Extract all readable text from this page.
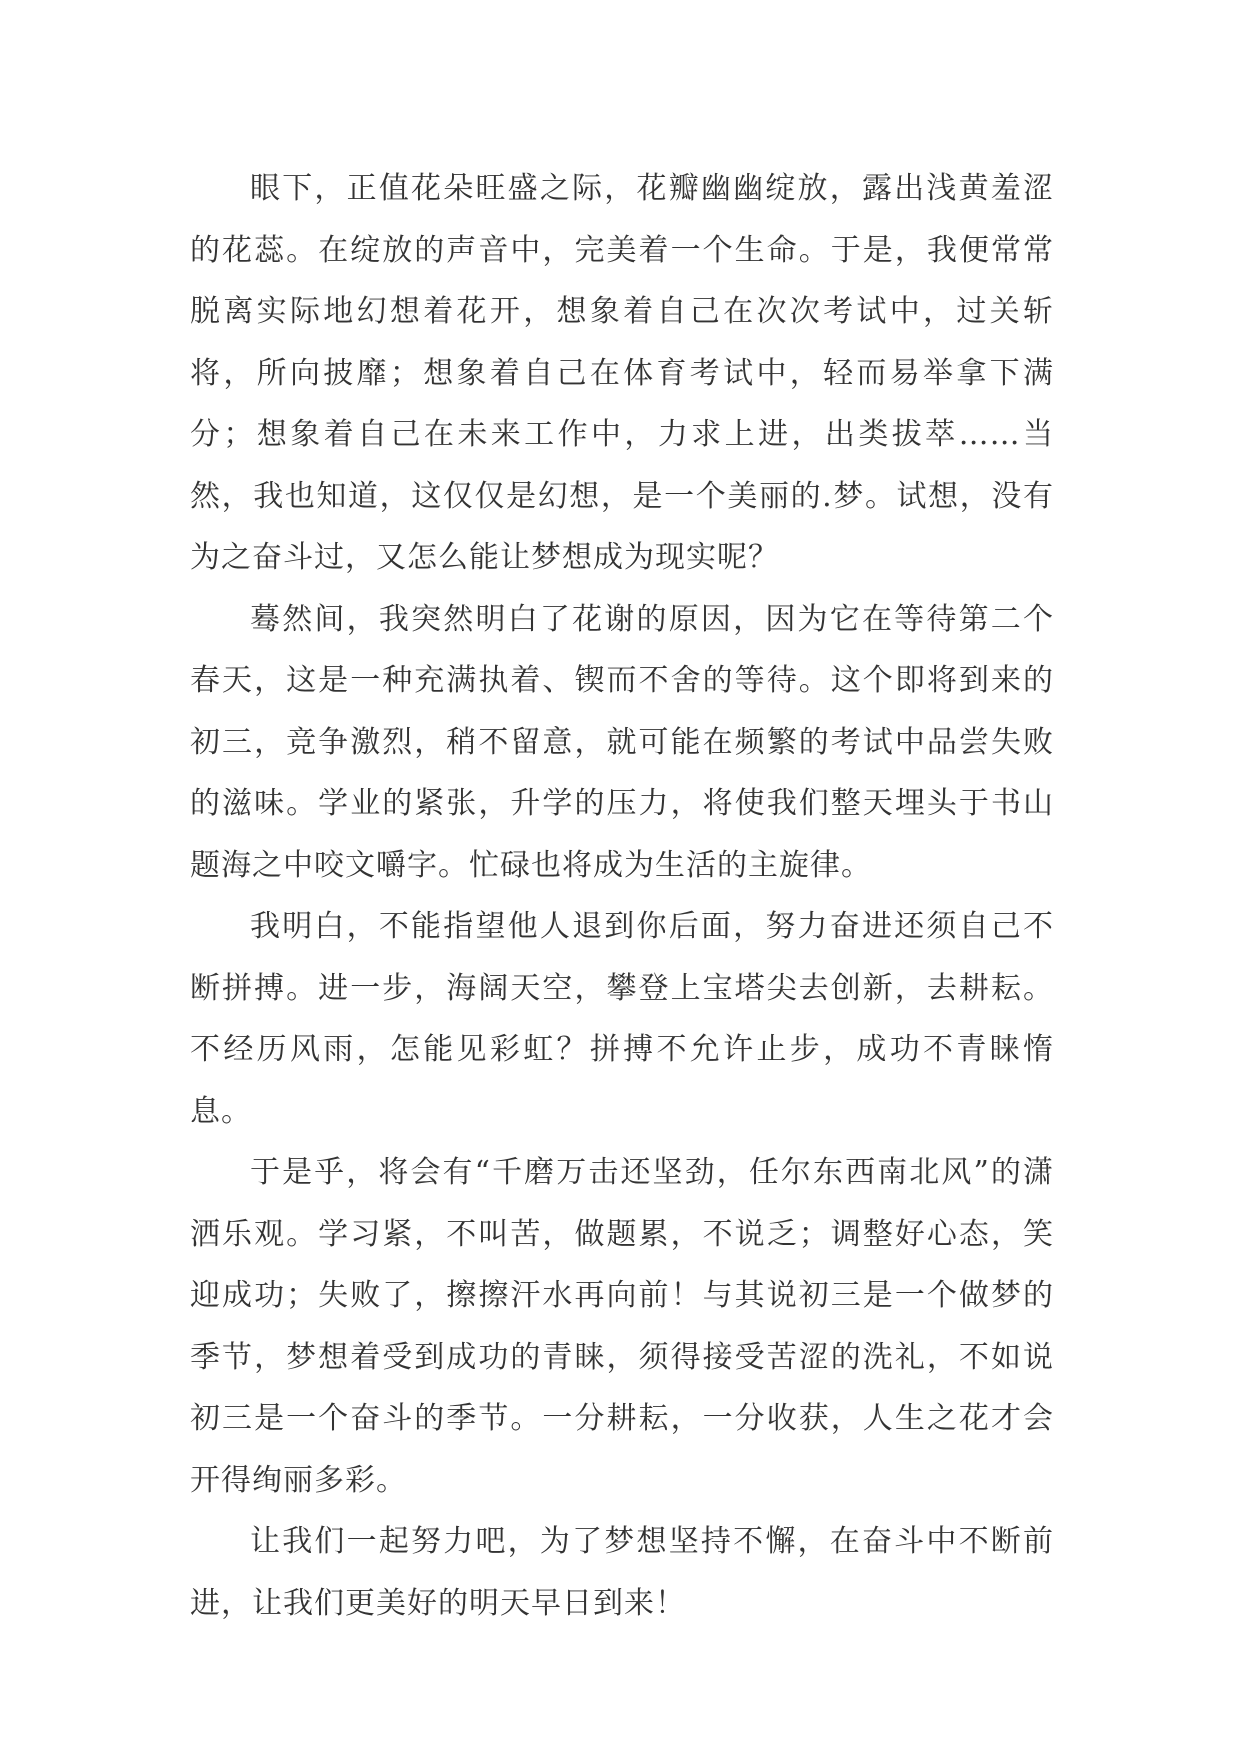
眼下，正值花朵旺盛之际，花瓣幽幽绽放，露出浅黄羞涩的花蕊。在绽放的声音中，完美着一个生命。于是，我便常常脱离实际地幻想着花开，想象着自己在次次考试中，过关斩将，所向披靡；想象着自己在体育考试中，轻而易举拿下满分；想象着自己在未来工作中，力求上进，出类拔萃……当然，我也知道，这仅仅是幻想，是一个美丽的.梦。试想，没有为之奋斗过，又怎么能让梦想成为现实呢？

蓦然间，我突然明白了花谢的原因，因为它在等待第二个春天，这是一种充满执着、锲而不舍的等待。这个即将到来的初三，竞争激烈，稍不留意，就可能在频繁的考试中品尝失败的滋味。学业的紧张，升学的压力，将使我们整天埋头于书山题海之中咬文嚼字。忙碌也将成为生活的主旋律。

我明白，不能指望他人退到你后面，努力奋进还须自己不断拼搏。进一步，海阔天空，攀登上宝塔尖去创新，去耕耘。不经历风雨，怎能见彩虹？拼搏不允许止步，成功不青睐惰息。

于是乎，将会有“千磨万击还坚劲，任尔东西南北风”的潇洒乐观。学习紧，不叫苦，做题累，不说乏；调整好心态，笑迎成功；失败了，擦擦汗水再向前！与其说初三是一个做梦的季节，梦想着受到成功的青睐，须得接受苦涩的洗礼，不如说初三是一个奋斗的季节。一分耕耘，一分收获，人生之花才会开得绚丽多彩。

让我们一起努力吧，为了梦想坚持不懈，在奋斗中不断前进，让我们更美好的明天早日到来！
